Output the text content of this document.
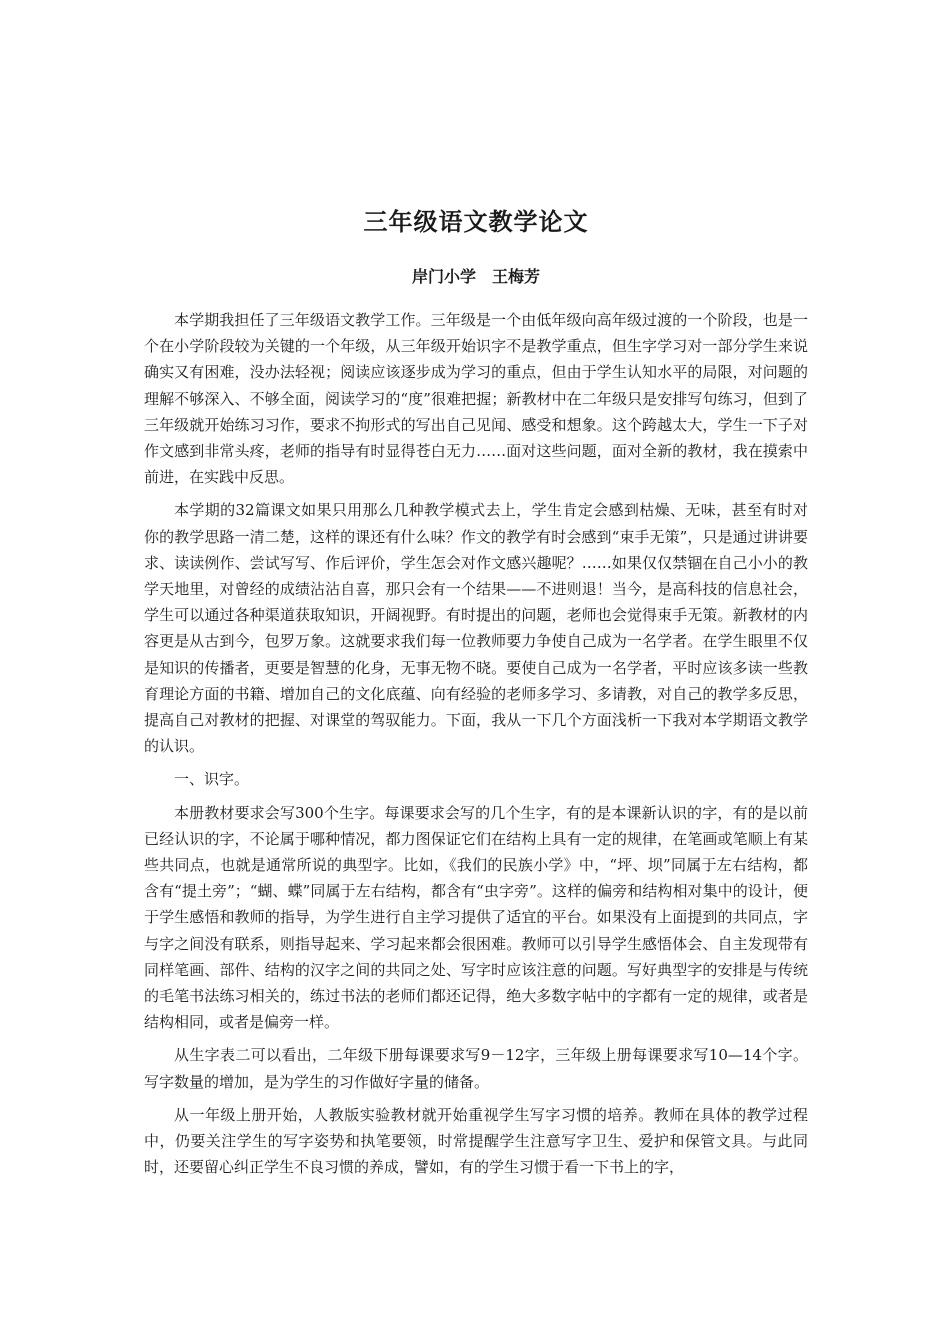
三年级语文教学论文
岸门小学　王梅芳

本学期我担任了三年级语文教学工作。三年级是一个由低年级向高年级过渡的一个阶段，也是一个在小学阶段较为关键的一个年级，从三年级开始识字不是教学重点，但生字学习对一部分学生来说确实又有困难，没办法轻视；阅读应该逐步成为学习的重点，但由于学生认知水平的局限，对问题的理解不够深入、不够全面，阅读学习的“度”很难把握；新教材中在二年级只是安排写句练习，但到了三年级就开始练习习作，要求不拘形式的写出自己见闻、感受和想象。这个跨越太大，学生一下子对作文感到非常头疼，老师的指导有时显得苍白无力……面对这些问题，面对全新的教材，我在摸索中前进，在实践中反思。

本学期的32篇课文如果只用那么几种教学模式去上，学生肯定会感到枯燥、无味，甚至有时对你的教学思路一清二楚，这样的课还有什么味？作文的教学有时会感到“束手无策”，只是通过讲讲要求、读读例作、尝试写写、作后评价，学生怎会对作文感兴趣呢？……如果仅仅禁锢在自己小小的教学天地里，对曾经的成绩沾沾自喜，那只会有一个结果——不进则退！当今，是高科技的信息社会，学生可以通过各种渠道获取知识，开阔视野。有时提出的问题，老师也会觉得束手无策。新教材的内容更是从古到今，包罗万象。这就要求我们每一位教师要力争使自己成为一名学者。在学生眼里不仅是知识的传播者，更要是智慧的化身，无事无物不晓。要使自己成为一名学者，平时应该多读一些教育理论方面的书籍、增加自己的文化底蕴、向有经验的老师多学习、多请教，对自己的教学多反思，提高自己对教材的把握、对课堂的驾驭能力。下面，我从一下几个方面浅析一下我对本学期语文教学的认识。

一、识字。

本册教材要求会写300个生字。每课要求会写的几个生字，有的是本课新认识的字，有的是以前已经认识的字，不论属于哪种情况，都力图保证它们在结构上具有一定的规律，在笔画或笔顺上有某些共同点，也就是通常所说的典型字。比如，《我们的民族小学》中，“坪、坝”同属于左右结构，都含有“提土旁”；“蝴、蝶”同属于左右结构，都含有“虫字旁”。这样的偏旁和结构相对集中的设计，便于学生感悟和教师的指导，为学生进行自主学习提供了适宜的平台。如果没有上面提到的共同点，字与字之间没有联系，则指导起来、学习起来都会很困难。教师可以引导学生感悟体会、自主发现带有同样笔画、部件、结构的汉字之间的共同之处、写字时应该注意的问题。写好典型字的安排是与传统的毛笔书法练习相关的，练过书法的老师们都还记得，绝大多数字帖中的字都有一定的规律，或者是结构相同，或者是偏旁一样。

从生字表二可以看出，二年级下册每课要求写9－12字，三年级上册每课要求写10—14个字。写字数量的增加，是为学生的习作做好字量的储备。

从一年级上册开始，人教版实验教材就开始重视学生写字习惯的培养。教师在具体的教学过程中，仍要关注学生的写字姿势和执笔要领，时常提醒学生注意写字卫生、爱护和保管文具。与此同时，还要留心纠正学生不良习惯的养成，譬如，有的学生习惯于看一下书上的字，
